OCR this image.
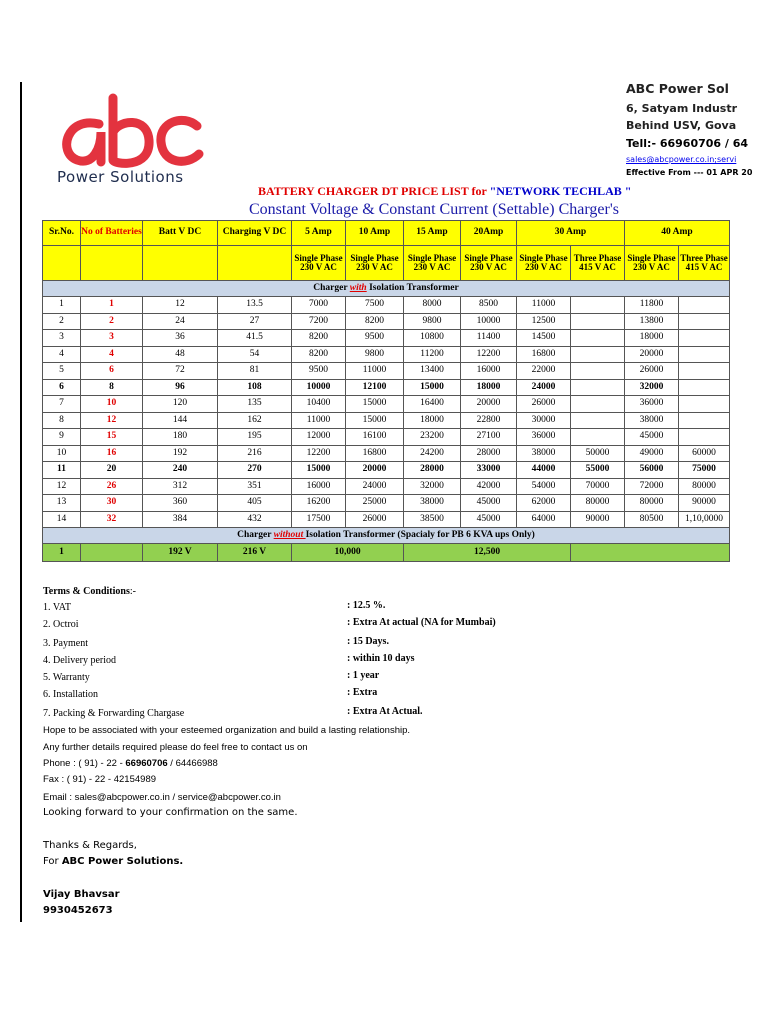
Power Solutions
ABC Power Sol
6, Satyam Industr
Behind USV, Gova
Tell:- 66960706 / 64
sales@abcpower.co.in;servi
Effective From --- 01 APR 20
BATTERY CHARGER DT PRICE LIST for "NETWORK TECHLAB "
Constant Voltage & Constant Current (Settable) Charger's
Sr.No.	No of Batteries	Batt V DC	Charging V DC	5 Amp	10 Amp	15 Amp	20Amp	30 Amp		40 Amp	
				Single Phase 230 V AC	Single Phase 230 V AC	Single Phase 230 V AC	Single Phase 230 V AC	Single Phase 230 V AC	Three Phase 415 V AC	Single Phase 230 V AC	Three Phase 415 V AC
Charger with Isolation Transformer											
1	1	12	13.5	7000	7500	8000	8500	11000		11800	
2	2	24	27	7200	8200	9800	10000	12500		13800	
3	3	36	41.5	8200	9500	10800	11400	14500		18000	
4	4	48	54	8200	9800	11200	12200	16800		20000	
5	6	72	81	9500	11000	13400	16000	22000		26000	
6	8	96	108	10000	12100	15000	18000	24000		32000	
7	10	120	135	10400	15000	16400	20000	26000		36000	
8	12	144	162	11000	15000	18000	22800	30000		38000	
9	15	180	195	12000	16100	23200	27100	36000		45000	
10	16	192	216	12200	16800	24200	28000	38000	50000	49000	60000
11	20	240	270	15000	20000	28000	33000	44000	55000	56000	75000
12	26	312	351	16000	24000	32000	42000	54000	70000	72000	80000
13	30	360	405	16200	25000	38000	45000	62000	80000	80000	90000
14	32	384	432	17500	26000	38500	45000	64000	90000	80500	1,10,0000
Charger without Isolation Transformer (Spacialy for PB 6 KVA ups Only)											
1		192 V	216 V	10,000		12,500					
Terms & Conditions:-
1. VAT	: 12.5 %.
2. Octroi	: Extra At actual (NA for Mumbai)
3. Payment	: 15 Days.
4. Delivery period	: within 10 days
5. Warranty	: 1 year
6. Installation	: Extra
7. Packing & Forwarding Chargase	: Extra At Actual.
Hope to be associated with your esteemed organization and build a lasting relationship.
Any further details required please do feel free to contact us on
Phone : ( 91) - 22 - 66960706 / 64466988
Fax : ( 91) - 22 - 42154989
Email : sales@abcpower.co.in / service@abcpower.co.in
Looking forward to your confirmation on the same.
Thanks & Regards,
For ABC Power Solutions.
Vijay Bhavsar
9930452673
